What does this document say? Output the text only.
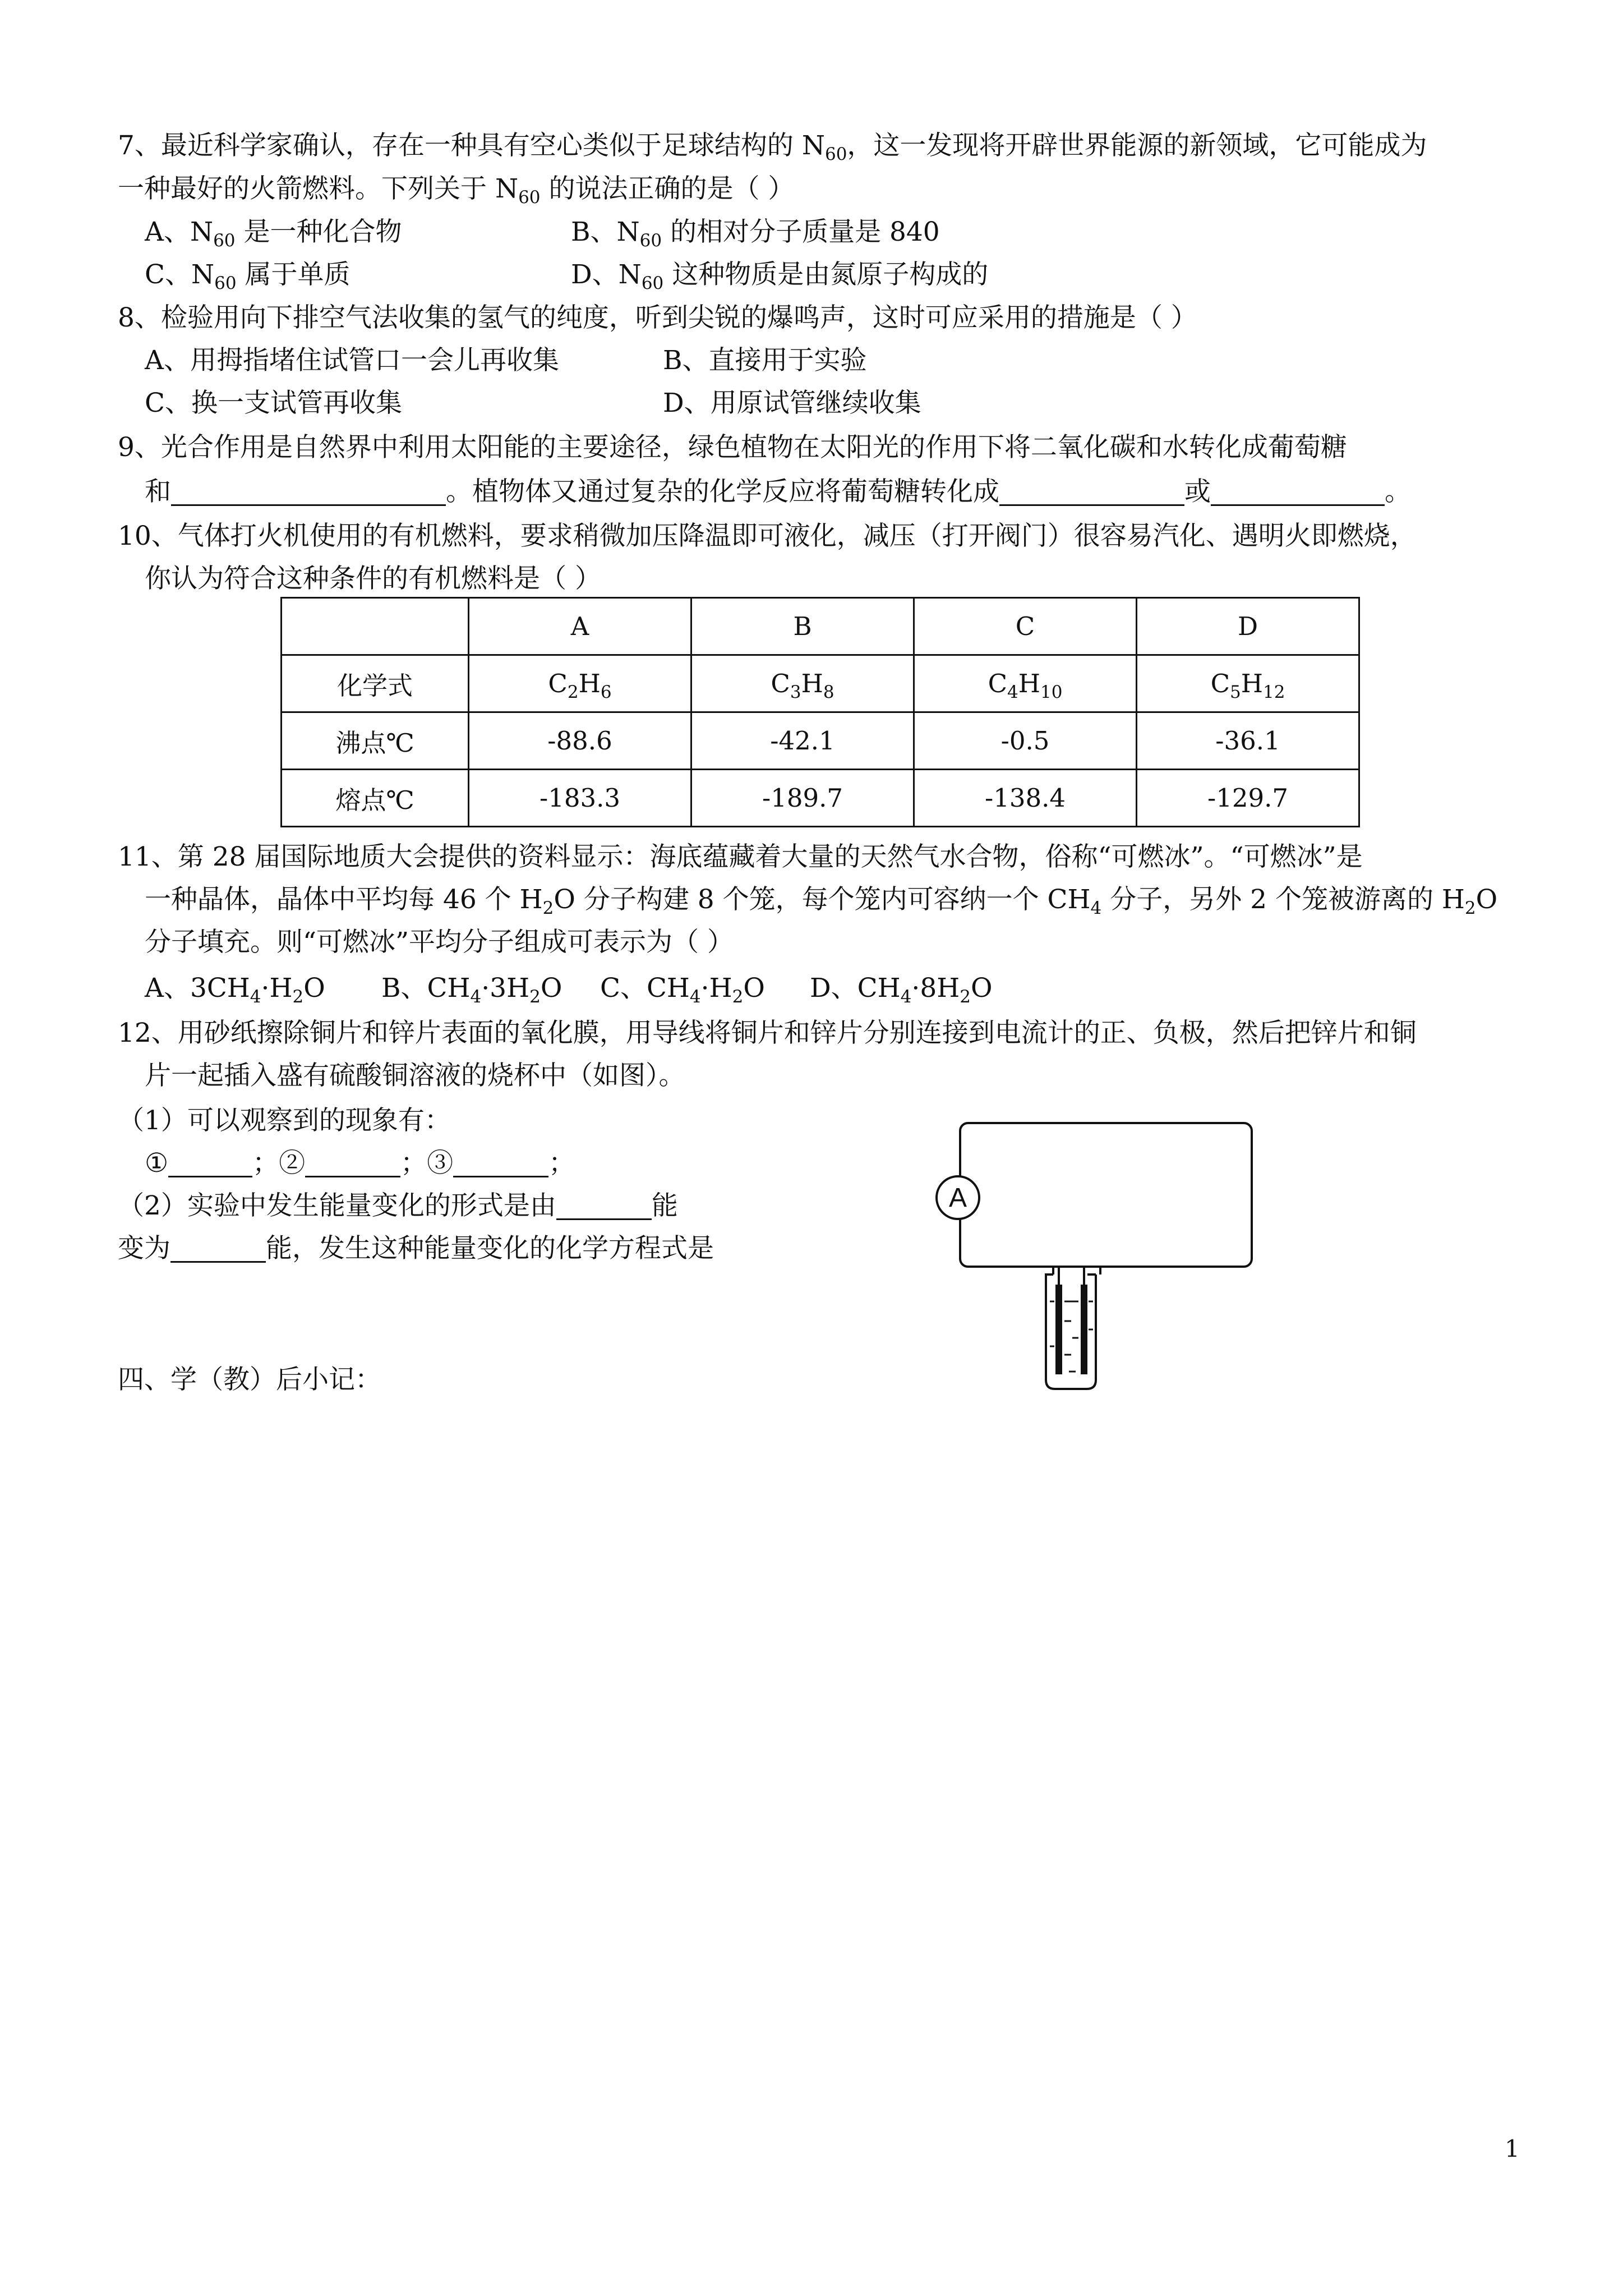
7、最近科学家确认，存在一种具有空心类似于足球结构的 $N_{60}$，这一发现将开辟世界能源的新领域，它可能成为
一种最好的火箭燃料。下列关于 $N_{60}$ 的说法正确的是（ ）
A、$N_{60}$ 是一种化合物	B、$N_{60}$ 的相对分子质量是 840
C、$N_{60}$ 属于单质	D、$N_{60}$ 这种物质是由氮原子构成的
8、检验用向下排空气法收集的氢气的纯度，听到尖锐的爆鸣声，这时可应采用的措施是（ ）
A、用拇指堵住试管口一会儿再收集	B、直接用于实验
C、换一支试管再收集	D、用原试管继续收集
9、光合作用是自然界中利用太阳能的主要途径，绿色植物在太阳光的作用下将二氧化碳和水转化成葡萄糖
和	。植物体又通过复杂的化学反应将葡萄糖转化成	或	。
10、气体打火机使用的有机燃料，要求稍微加压降温即可液化，减压（打开阀门）很容易汽化、遇明火即燃烧，
你认为符合这种条件的有机燃料是（ ）
	A	B	C	D
化学式	$C_2H_6$	$C_3H_8$	$C_4H_{10}$	$C_5H_{12}$
沸点℃	-88.6	-42.1	-0.5	-36.1
熔点℃	-183.3	-189.7	-138.4	-129.7
11、第 28 届国际地质大会提供的资料显示：海底蕴藏着大量的天然气水合物，俗称“可燃冰”。“可燃冰”是
一种晶体，晶体中平均每 46 个 $H_2O$ 分子构建 8 个笼，每个笼内可容纳一个 $CH_4$ 分子，另外 2 个笼被游离的 $H_2O$
分子填充。则“可燃冰”平均分子组成可表示为（ ）
A、$3CH_4\cdot H_2O$ B、$CH_4\cdot 3H_2O$ C、$CH_4\cdot H_2O$ D、$CH_4\cdot 8H_2O$
12、用砂纸擦除铜片和锌片表面的氧化膜，用导线将铜片和锌片分别连接到电流计的正、负极，然后把锌片和铜
片一起插入盛有硫酸铜溶液的烧杯中（如图）。
（1）可以观察到的现象有：
①	；②	；③	；
（2）实验中发生能量变化的形式是由	能
变为	能，发生这种能量变化的化学方程式是
A
四、学（教）后小记：
1
